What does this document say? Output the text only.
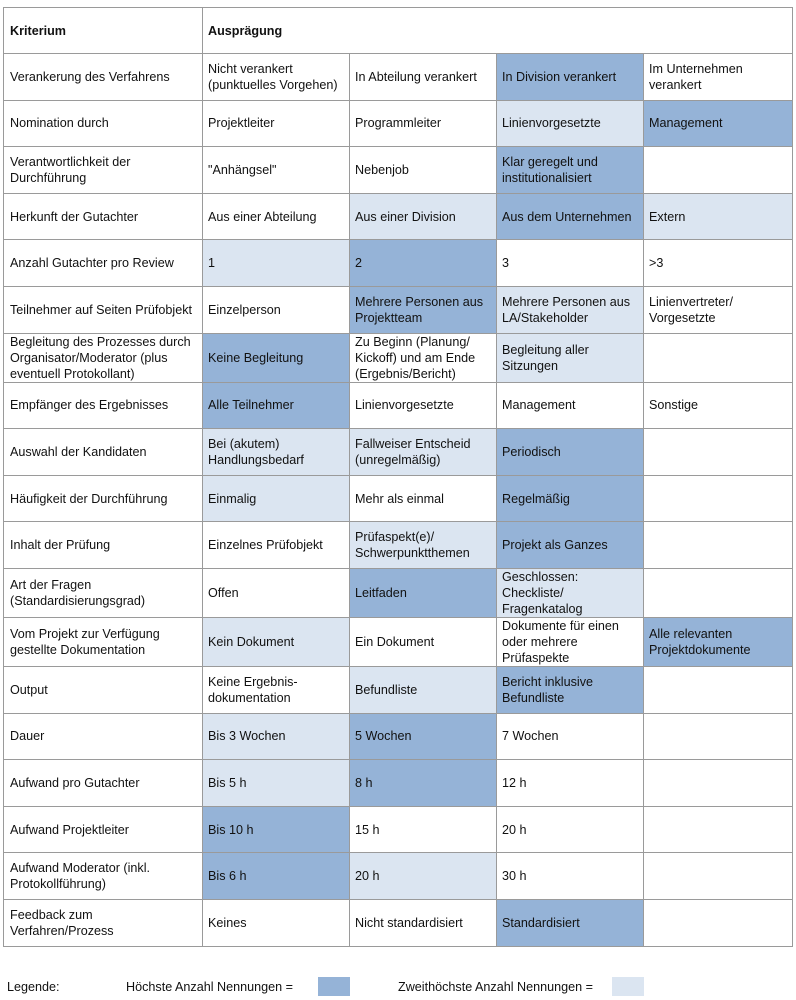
Kriterium	Ausprägung			
Verankerung des Verfahrens	Nicht verankert (punktuelles Vorgehen)	In Abteilung verankert	In Division verankert	Im Unternehmen verankert
Nomination durch	Projektleiter	Programmleiter	Linienvorgesetzte	Management
Verantwortlichkeit der Durchführung	"Anhängsel"	Nebenjob	Klar geregelt und institutionalisiert	
Herkunft der Gutachter	Aus einer Abteilung	Aus einer Division	Aus dem Unternehmen	Extern
Anzahl Gutachter pro Review	1	2	3	>3
Teilnehmer auf Seiten Prüfobjekt	Einzelperson	Mehrere Personen aus Projektteam	Mehrere Personen aus LA/Stakeholder	Linienvertreter/ Vorgesetzte
Begleitung des Prozesses durch Organisator/Moderator (plus eventuell Protokollant)	Keine Begleitung	Zu Beginn (Planung/ Kickoff) und am Ende (Ergebnis/Bericht)	Begleitung aller Sitzungen	
Empfänger des Ergebnisses	Alle Teilnehmer	Linienvorgesetzte	Management	Sonstige
Auswahl der Kandidaten	Bei (akutem) Handlungsbedarf	Fallweiser Entscheid (unregelmäßig)	Periodisch	
Häufigkeit der Durchführung	Einmalig	Mehr als einmal	Regelmäßig	
Inhalt der Prüfung	Einzelnes Prüfobjekt	Prüfaspekt(e)/ Schwerpunktthemen	Projekt als Ganzes	
Art der Fragen (Standardisierungsgrad)	Offen	Leitfaden	Geschlossen: Checkliste/ Fragenkatalog	
Vom Projekt zur Verfügung gestellte Dokumentation	Kein Dokument	Ein Dokument	Dokumente für einen oder mehrere Prüfaspekte	Alle relevanten Projektdokumente
Output	Keine Ergebnis-dokumentation	Befundliste	Bericht inklusive Befundliste	
Dauer	Bis 3 Wochen	5 Wochen	7 Wochen	
Aufwand pro Gutachter	Bis 5 h	8 h	12 h	
Aufwand Projektleiter	Bis 10 h	15 h	20 h	
Aufwand Moderator (inkl. Protokollführung)	Bis 6 h	20 h	30 h	
Feedback zum Verfahren/Prozess	Keines	Nicht standardisiert	Standardisiert	
Legende:	Höchste Anzahl Nennungen =	Zweithöchste Anzahl Nennungen =
